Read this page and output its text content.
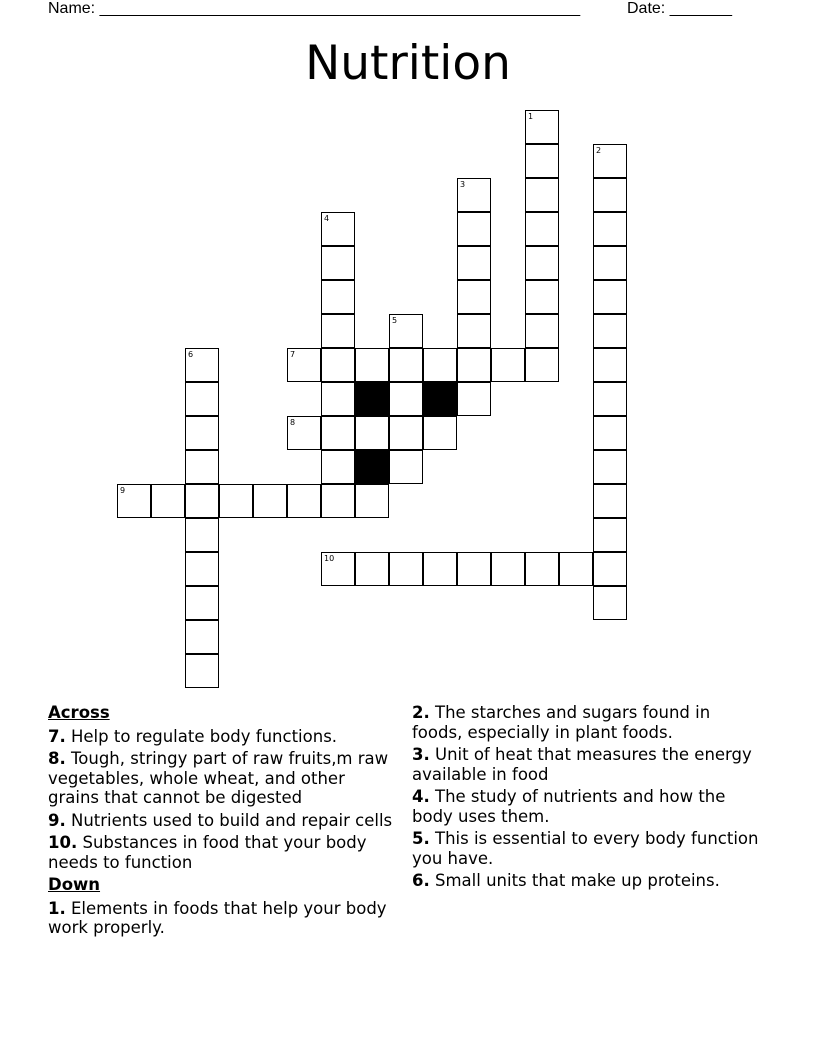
Name: ______________________________________________________	Date: _______
Nutrition
1
2
3
4
5
6	7
8
9
10
Across
7. Help to regulate body functions.
8. Tough, stringy part of raw fruits,m raw vegetables, whole wheat, and other grains that cannot be digested
9. Nutrients used to build and repair cells
10. Substances in food that your body needs to function
Down
1. Elements in foods that help your body work properly.
2. The starches and sugars found in foods, especially in plant foods.
3. Unit of heat that measures the energy available in food
4. The study of nutrients and how the body uses them.
5. This is essential to every body function you have.
6. Small units that make up proteins.
